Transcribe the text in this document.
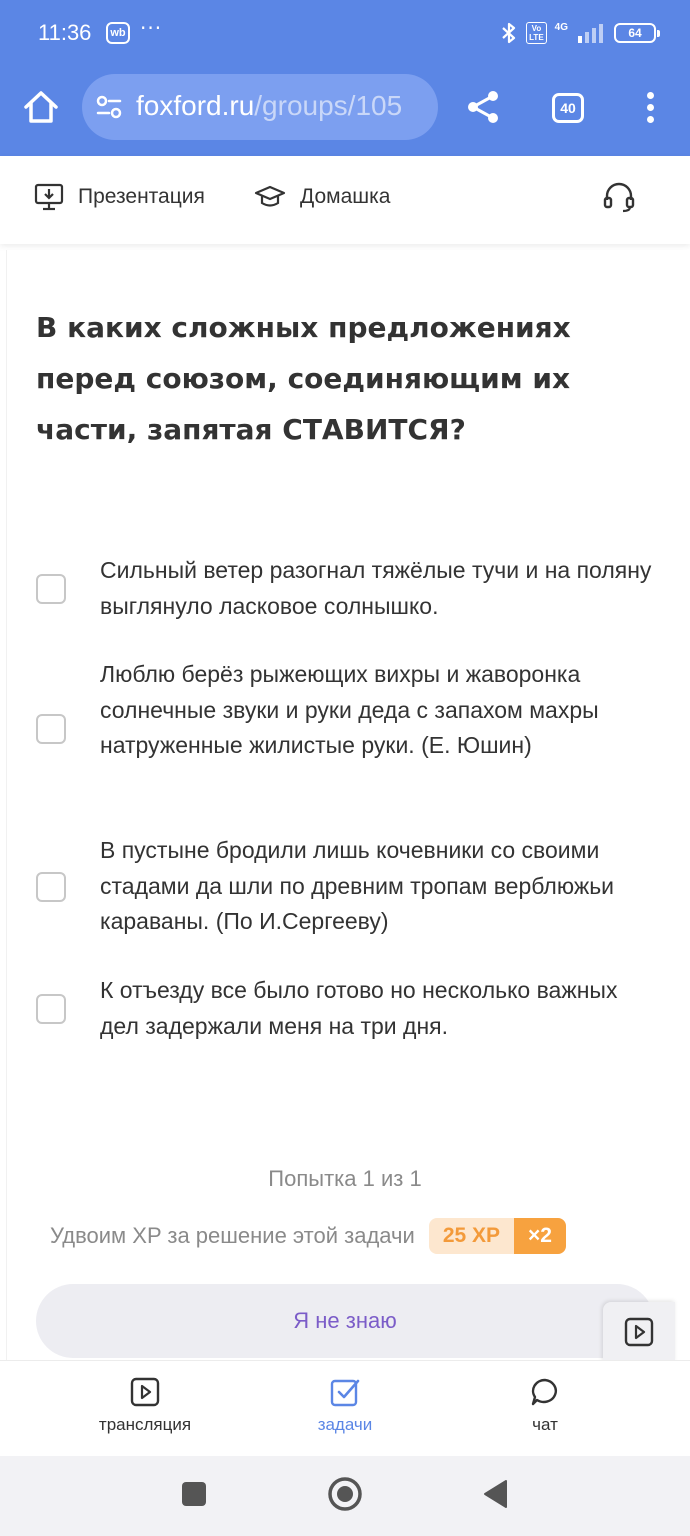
11:36	wb ···	Vo
LTE
4G	64
foxford.ru/groups/105	40
Презентация	Домашка
В каких сложных предложениях перед союзом, соединяющим их части, запятая СТАВИТСЯ?
Сильный ветер разогнал тяжёлые тучи и на поляну выглянуло ласковое солнышко.
Люблю берёз рыжеющих вихры и жаворонка солнечные звуки и руки деда с запахом махры натруженные жилистые руки. (Е. Юшин)
В пустыне бродили лишь кочевники со своими стадами да шли по древним тропам верблюжьи караваны. (По И.Сергееву)
К отъезду все было готово но несколько важных дел задержали меня на три дня.
Попытка 1 из 1
Удвоим XP за решение этой задачи	25 XP	×2
Я не знаю
трансляция	задачи	чат
